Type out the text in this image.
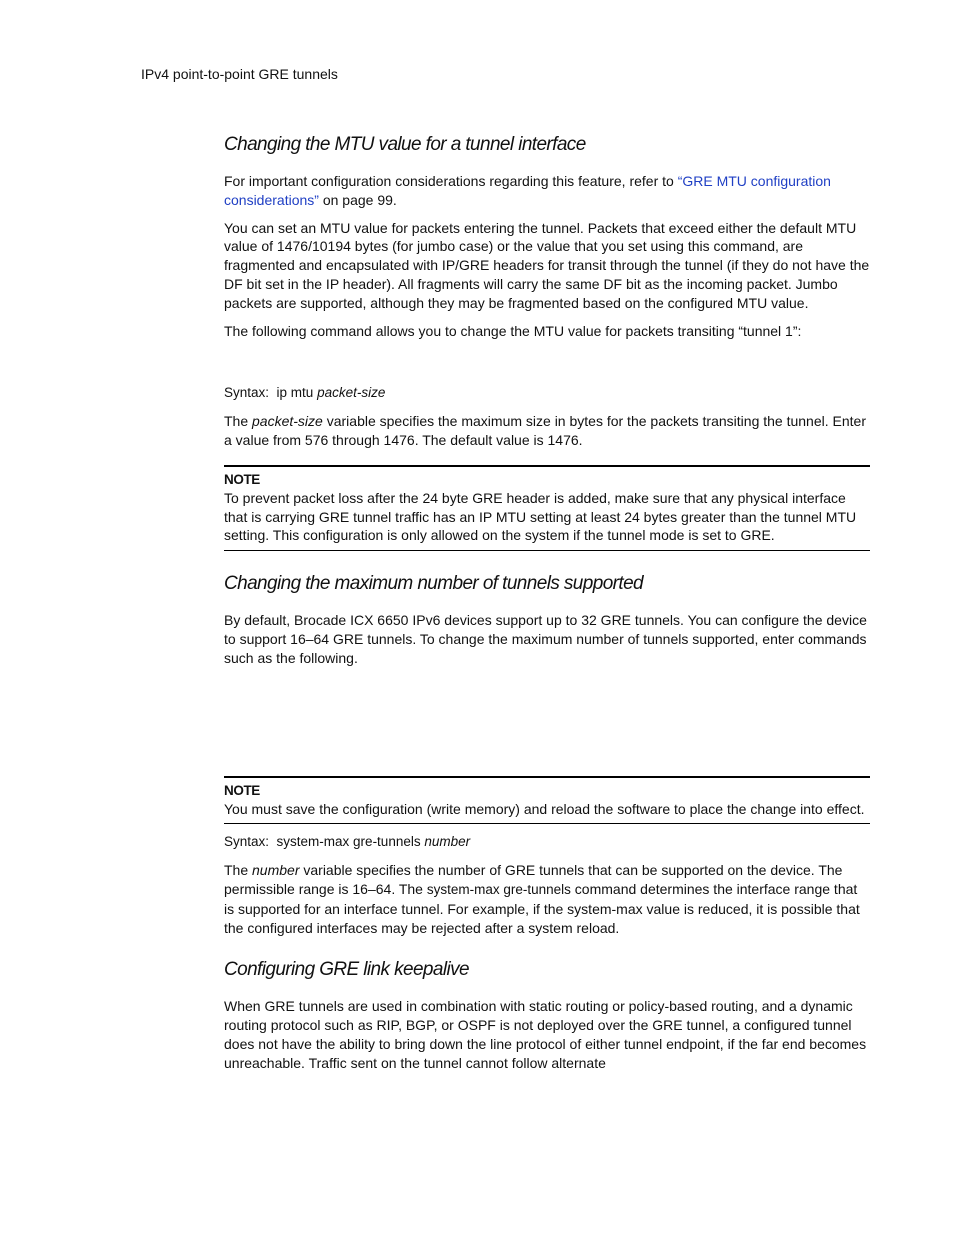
IPv4 point-to-point GRE tunnels
Changing the MTU value for a tunnel interface

For important configuration considerations regarding this feature, refer to “GRE MTU configuration considerations” on page 99.

You can set an MTU value for packets entering the tunnel. Packets that exceed either the default MTU value of 1476/10194 bytes (for jumbo case) or the value that you set using this command, are fragmented and encapsulated with IP/GRE headers for transit through the tunnel (if they do not have the DF bit set in the IP header). All fragments will carry the same DF bit as the incoming packet. Jumbo packets are supported, although they may be fragmented based on the configured MTU value.

The following command allows you to change the MTU value for packets transiting “tunnel 1”:

Syntax: ip mtu packet-size

The packet-size variable specifies the maximum size in bytes for the packets transiting the tunnel. Enter a value from 576 through 1476. The default value is 1476.

NOTE

To prevent packet loss after the 24 byte GRE header is added, make sure that any physical interface that is carrying GRE tunnel traffic has an IP MTU setting at least 24 bytes greater than the tunnel MTU setting. This configuration is only allowed on the system if the tunnel mode is set to GRE.

Changing the maximum number of tunnels supported

By default, Brocade ICX 6650 IPv6 devices support up to 32 GRE tunnels. You can configure the device to support 16–64 GRE tunnels. To change the maximum number of tunnels supported, enter commands such as the following.

NOTE

You must save the configuration (write memory) and reload the software to place the change into effect.

Syntax: system-max gre-tunnels number

The number variable specifies the number of GRE tunnels that can be supported on the device. The permissible range is 16–64. The system-max gre-tunnels command determines the interface range that is supported for an interface tunnel. For example, if the system-max value is reduced, it is possible that the configured interfaces may be rejected after a system reload.

Configuring GRE link keepalive

When GRE tunnels are used in combination with static routing or policy-based routing, and a dynamic routing protocol such as RIP, BGP, or OSPF is not deployed over the GRE tunnel, a configured tunnel does not have the ability to bring down the line protocol of either tunnel endpoint, if the far end becomes unreachable. Traffic sent on the tunnel cannot follow alternate
